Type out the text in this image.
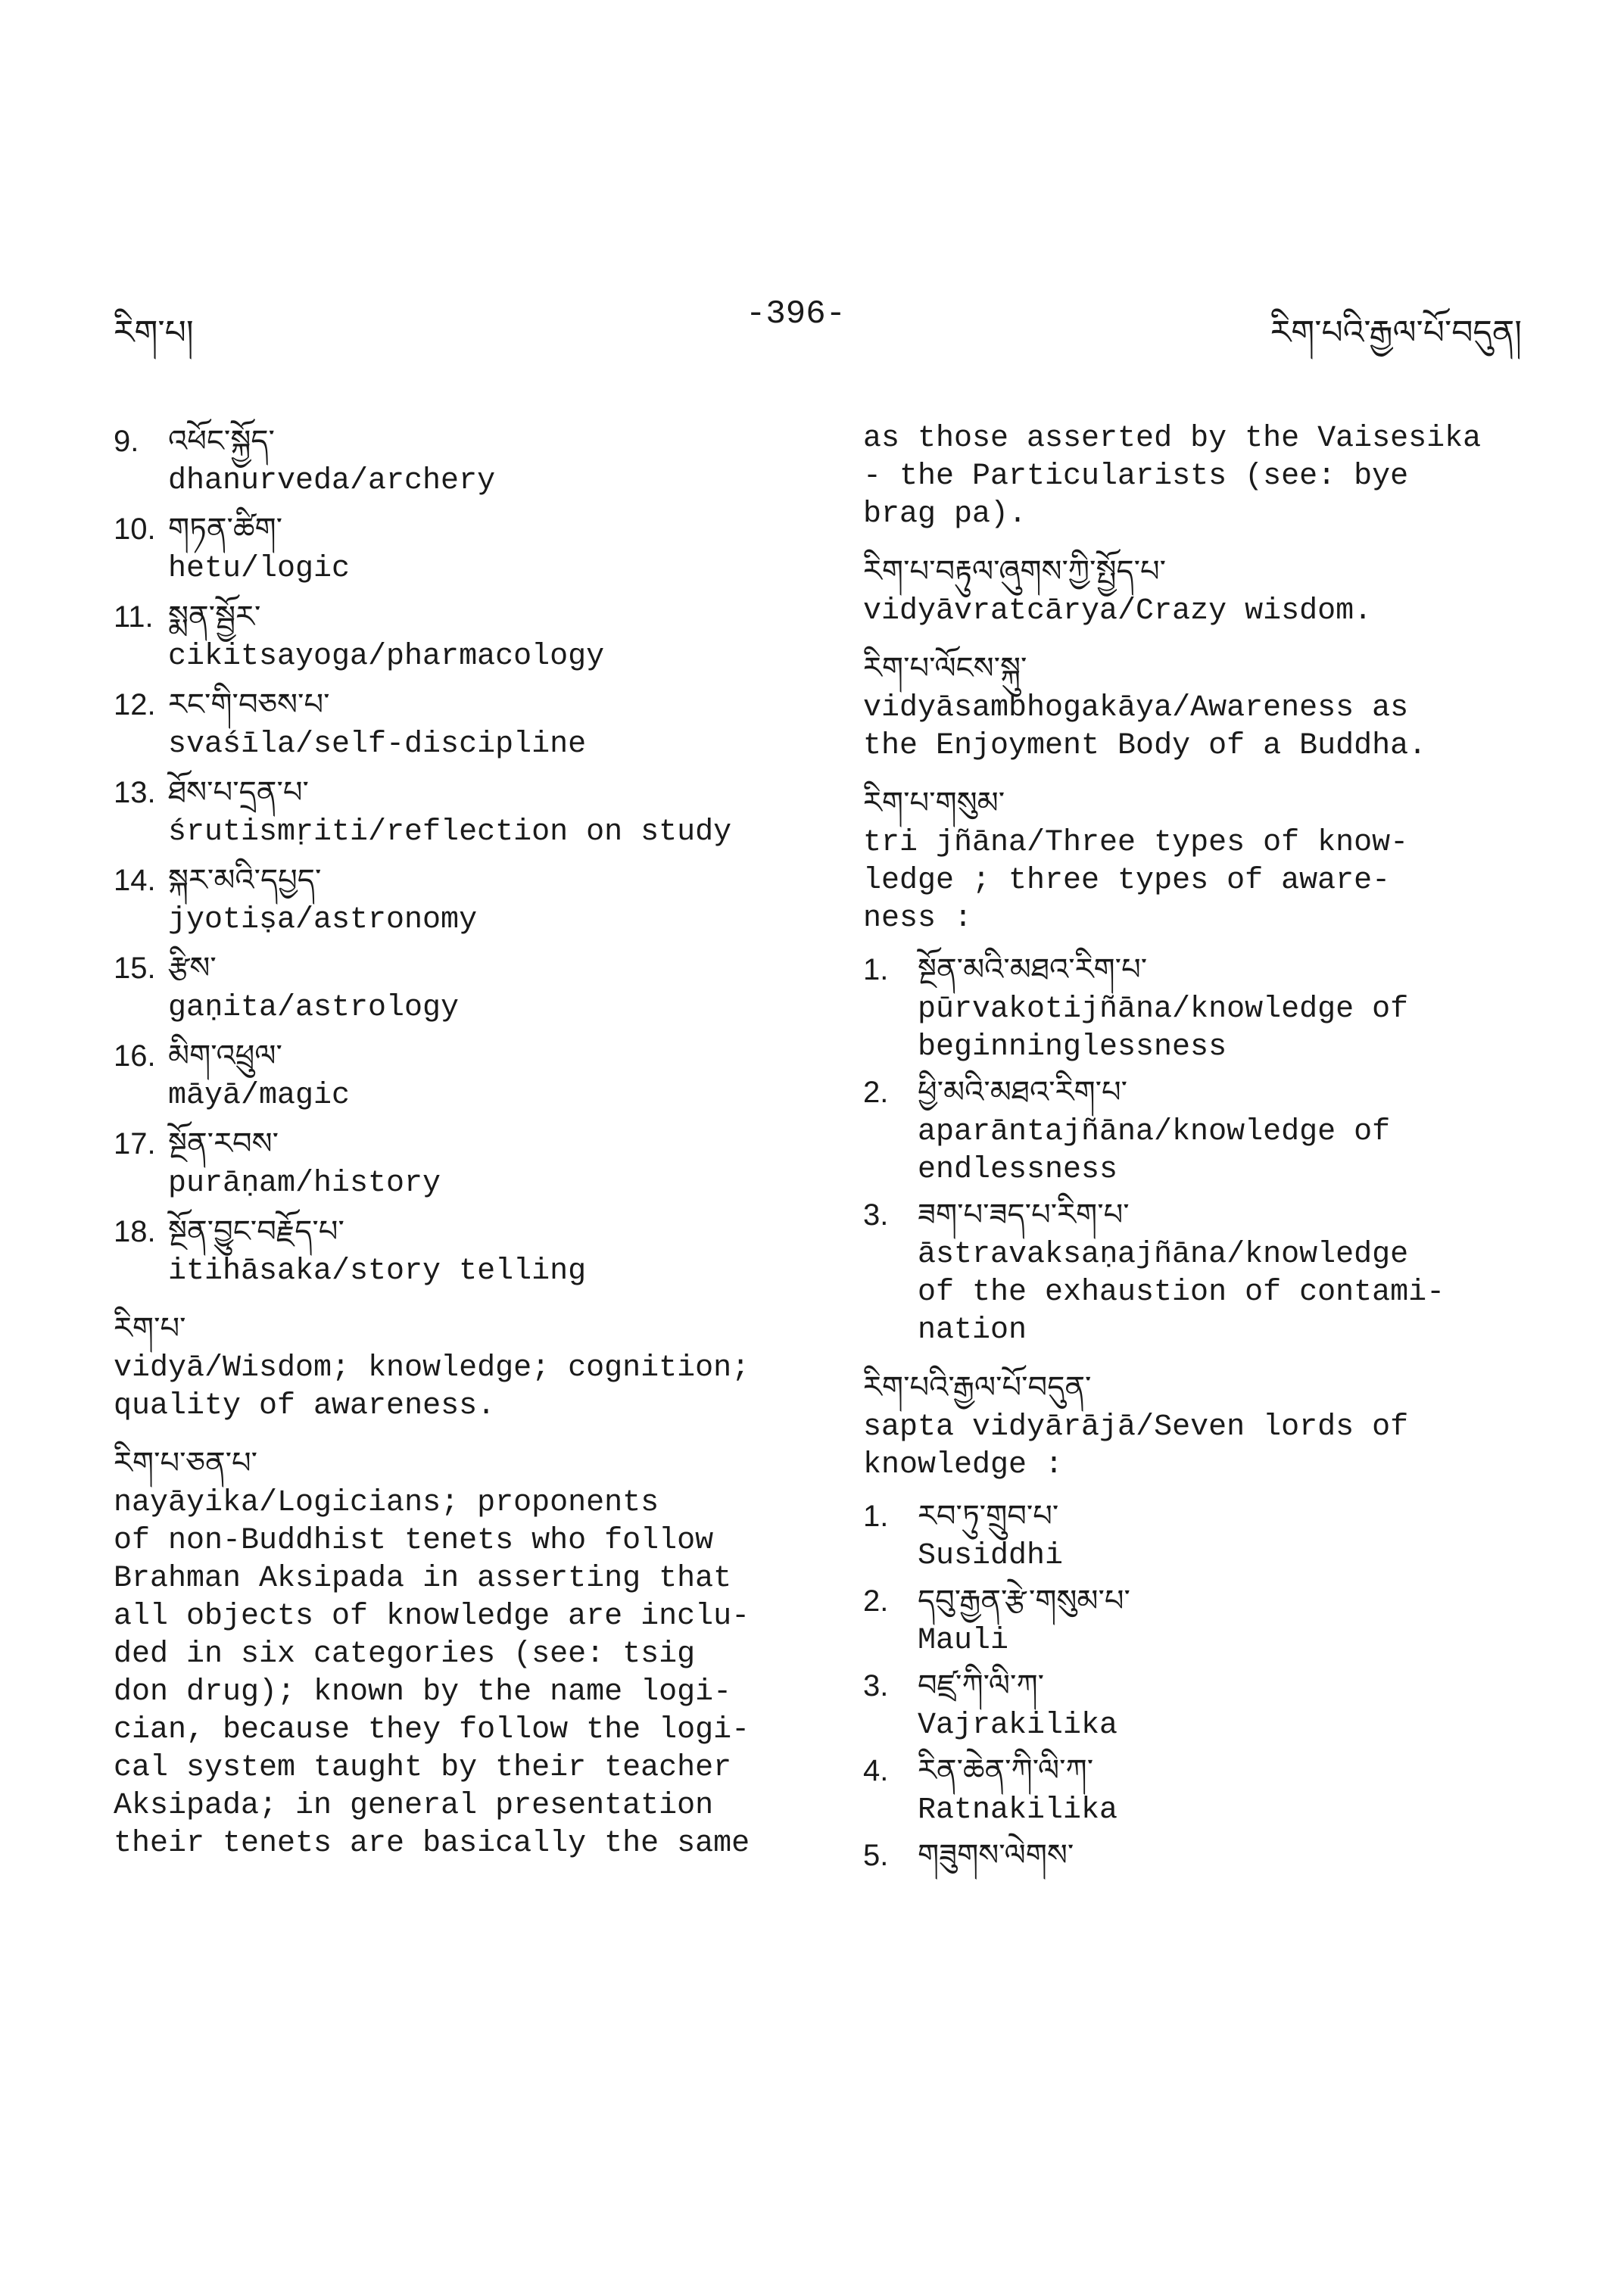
རིག་པ།	-396-	རིག་པའི་རྒྱལ་པོ་བདུན།
9. འཕོང་སྐྱོད་
dhanurveda/archery
10. གཏན་ཚིག་
hetu/logic
11. སྨན་སྦྱོར་
cikitsayoga/pharmacology
12. རང་གི་བཅས་པ་
svaśīla/self-discipline
13. ཐོས་པ་དྲན་པ་
śrutismṛiti/reflection on study
14. སྐར་མའི་དཔྱད་
jyotiṣa/astronomy
15. རྩིས་
gaṇita/astrology
16. མིག་འཕྲུལ་
māyā/magic
17. སྔོན་རབས་
purāṇam/history
18. སྔོན་བྱུང་བརྗོད་པ་
itihāsaka/story telling
རིག་པ་
vidyā/Wisdom; knowledge; cognition;
quality of awareness.
རིག་པ་ཅན་པ་
nayāyika/Logicians; proponents
of non-Buddhist tenets who follow
Brahman Aksipada in asserting that
all objects of knowledge are inclu-
ded in six categories (see: tsig
don drug); known by the name logi-
cian, because they follow the logi-
cal system taught by their teacher
Aksipada; in general presentation
their tenets are basically the same
as those asserted by the Vaisesika
- the Particularists (see: bye
brag pa).
རིག་པ་བརྟུལ་ཞུགས་ཀྱི་སྤྱོད་པ་
vidyāvratcārya/Crazy wisdom.
རིག་པ་ལོངས་སྐུ་
vidyāsambhogakāya/Awareness as
the Enjoyment Body of a Buddha.
རིག་པ་གསུམ་
tri jñāna/Three types of know-
ledge ; three types of aware-
ness :
1. སྔོན་མའི་མཐའ་རིག་པ་
pūrvakotijñāna/knowledge of
beginninglessness
2. ཕྱི་མའི་མཐའ་རིག་པ་
aparāntajñāna/knowledge of
endlessness
3. ཟག་པ་ཟད་པ་རིག་པ་
āstravaksaṇajñāna/knowledge
of the exhaustion of contami-
nation
རིག་པའི་རྒྱལ་པོ་བདུན་
sapta vidyārājā/Seven lords of
knowledge :
1. རབ་ཏུ་གྲུབ་པ་
Susiddhi
2. དབུ་རྒྱན་རྩེ་གསུམ་པ་
Mauli
3. བཛྲ་ཀི་ལི་ཀ་
Vajrakilika
4. རིན་ཆེན་ཀི་ལི་ཀ་
Ratnakilika
5. གཟུགས་ལེགས་
